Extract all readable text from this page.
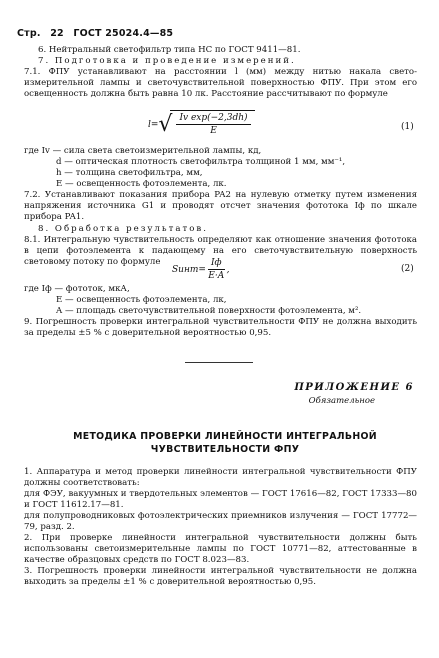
Стр. 22 ГОСТ 25024.4—85
6. Нейтральный светофильтр типа НС по ГОСТ 9411—81.
7. Подготовка и проведение измерений.
7.1. ФПУ устанавливают на расстоянии l (мм) между нитью накала свето-измерительной лампы и светочувствительной поверхностью ФПУ. При этом его освещенность должна быть равна 10 лк. Расстояние рассчитывают по формуле
$l=√ \frac{\text{Iv exp(−2,3dh)}}{E}$	(1)
где Iv — сила света светоизмерительной лампы, кд,
d — оптическая плотность светофильтра толщиной 1 мм, мм⁻¹,
h — толщина светофильтра, мм,
E — освещенность фотоэлемента, лк.
7.2. Устанавливают показания прибора PA2 на нулевую отметку путем изменения напряжения источника G1 и проводят отсчет значения фототока Iф по шкале прибора PA1.
8. Обработка результатов.
8.1. Интегральную чувствительность определяют как отношение значения фототока в цепи фотоэлемента к падающему на его светочувствительную поверхность световому потоку по формуле
Sинт= $\frac{Iф}{E\cdot A}$ ,	(2)
где Iф — фототок, мкА,
E — освещенность фотоэлемента, лк,
A — площадь светочувствительной поверхности фотоэлемента, м².
9. Погрешность проверки интегральной чувствительности ФПУ не должна выходить за пределы ±5 % с доверительной вероятностью 0,95.
ПРИЛОЖЕНИЕ 6
Обязательное
МЕТОДИКА ПРОВЕРКИ ЛИНЕЙНОСТИ ИНТЕГРАЛЬНОЙ ЧУВСТВИТЕЛЬНОСТИ ФПУ
1. Аппаратура и метод проверки линейности интегральной чувствительности ФПУ должны соответствовать:
для ФЭУ, вакуумных и твердотельных элементов — ГОСТ 17616—82, ГОСТ 17333—80 и ГОСТ 11612.17—81.
для полупроводниковых фотоэлектрических приемников излучения — ГОСТ 17772—79, разд. 2.
2. При проверке линейности интегральной чувствительности должны быть использованы светоизмерительные лампы по ГОСТ 10771—82, аттестованные в качестве образцовых средств по ГОСТ 8.023—83.
3. Погрешность проверки линейности интегральной чувствительности не должна выходить за пределы ±1 % с доверительной вероятностью 0,95.
